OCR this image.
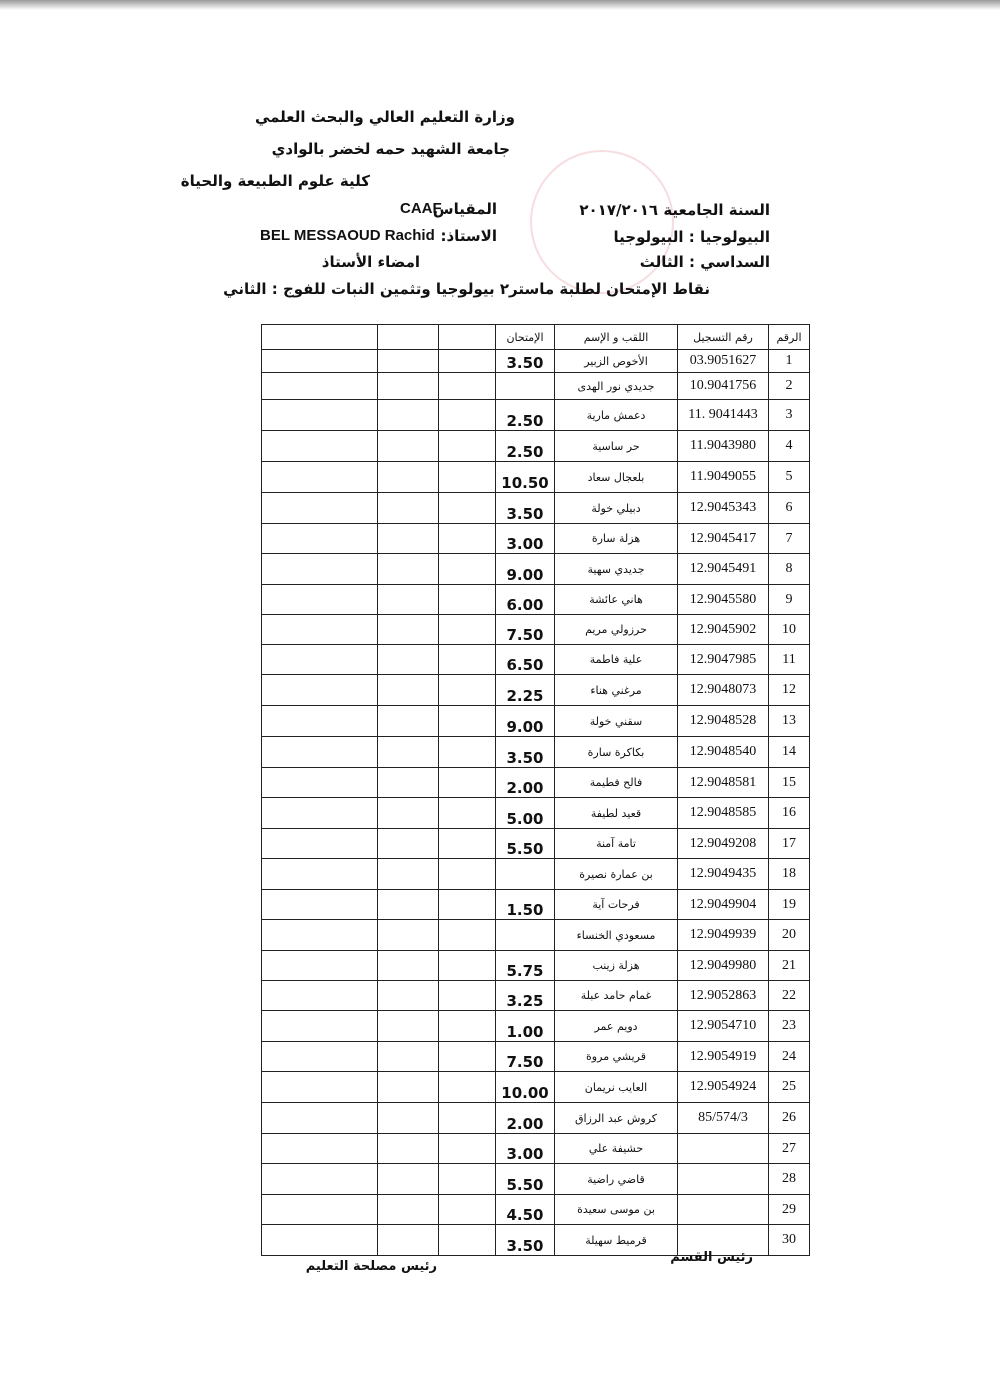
وزارة التعليم العالي والبحث العلمي
جامعة الشهيد حمه لخضر بالوادي
كلية علوم الطبيعة والحياة
المقياس
CAAF
BEL MESSAOUD Rachid الاستاذ:
امضاء الأستاذ
السنة الجامعية ٢٠١٧/٢٠١٦
البيولوجيا : البيولوجيا
السداسي : الثالث
نقاط الإمتحان لطلبة ماستر٢ بيولوجيا وتثمين النبات للفوج : الثاني
الرقم	رقم التسجيل	اللقب و الإسم	الإمتحان			
1	03.9051627	الأخوص الزبير	3.50			
2	10.9041756	جديدي نور الهدى				
3	11. 9041443	دعمش مارية	2.50			
4	11.9043980	حر ساسية	2.50			
5	11.9049055	بلعجال سعاد	10.50			
6	12.9045343	دبيلي خولة	3.50			
7	12.9045417	هزلة سارة	3.00			
8	12.9045491	جديدي سهية	9.00			
9	12.9045580	هاني عائشة	6.00			
10	12.9045902	حرزولي مريم	7.50			
11	12.9047985	علية فاطمة	6.50			
12	12.9048073	مرغني هناء	2.25			
13	12.9048528	سقني خولة	9.00			
14	12.9048540	بكاكرة سارة	3.50			
15	12.9048581	فالح فطيمة	2.00			
16	12.9048585	قعيد لطيفة	5.00			
17	12.9049208	تامة آمنة	5.50			
18	12.9049435	بن عمارة نصيرة				
19	12.9049904	فرحات آية	1.50			
20	12.9049939	مسعودي الخنساء				
21	12.9049980	هزلة زينب	5.75			
22	12.9052863	غمام حامد عبلة	3.25			
23	12.9054710	دويم عمر	1.00			
24	12.9054919	قريشي مروة	7.50			
25	12.9054924	العايب نريمان	10.00			
26	85/574/3	كروش عبد الرزاق	2.00			
27		حشيفة علي	3.00			
28		قاضي راضية	5.50			
29		بن موسى سعيدة	4.50			
30		قرميط سهيلة	3.50			
رئيس القسم
رئيس مصلحة التعليم
